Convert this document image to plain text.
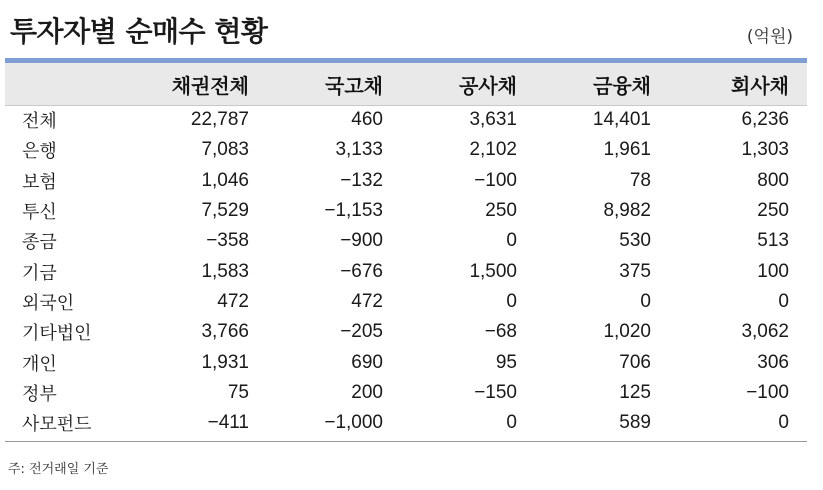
투자자별 순매수 현황	(억원)
	채권전체	국고채	공사채	금융채	회사채
전체	22,787	460	3,631	14,401	6,236
은행	7,083	3,133	2,102	1,961	1,303
보험	1,046	−132	−100	78	800
투신	7,529	−1,153	250	8,982	250
종금	−358	−900	0	530	513
기금	1,583	−676	1,500	375	100
외국인	472	472	0	0	0
기타법인	3,766	−205	−68	1,020	3,062
개인	1,931	690	95	706	306
정부	75	200	−150	125	−100
사모펀드	−411	−1,000	0	589	0
주: 전거래일 기준
